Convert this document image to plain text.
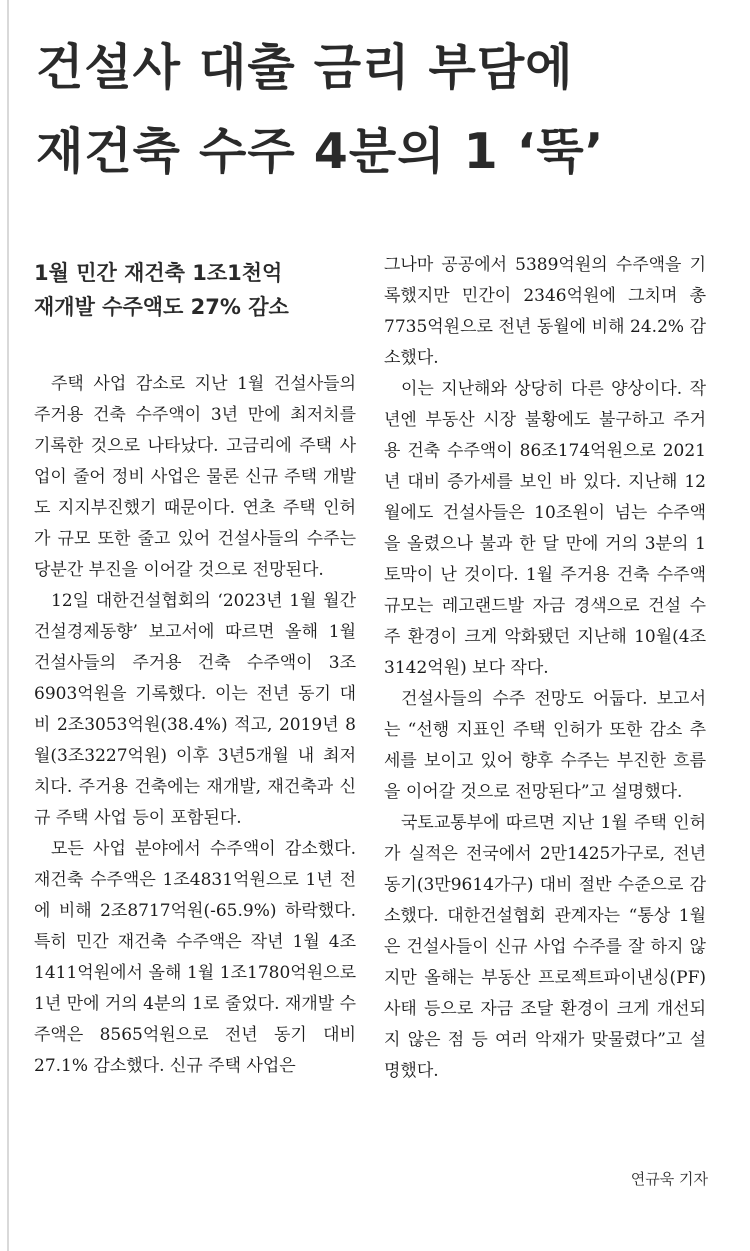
건설사 대출 금리 부담에
재건축 수주 4분의 1 ‘뚝’
1월 민간 재건축 1조1천억
재개발 수주액도 27% 감소

주택 사업 감소로 지난 1월 건설사들의 주거용 건축 수주액이 3년 만에 최저치를 기록한 것으로 나타났다. 고금리에 주택 사업이 줄어 정비 사업은 물론 신규 주택 개발도 지지부진했기 때문이다. 연초 주택 인허가 규모 또한 줄고 있어 건설사들의 수주는 당분간 부진을 이어갈 것으로 전망된다.

12일 대한건설협회의 ‘2023년 1월 월간건설경제동향’ 보고서에 따르면 올해 1월 건설사들의 주거용 건축 수주액이 3조6903억원을 기록했다. 이는 전년 동기 대비 2조3053억원(38.4%) 적고, 2019년 8월(3조3227억원) 이후 3년5개월 내 최저치다. 주거용 건축에는 재개발, 재건축과 신규 주택 사업 등이 포함된다.

모든 사업 분야에서 수주액이 감소했다. 재건축 수주액은 1조4831억원으로 1년 전에 비해 2조8717억원(-65.9%) 하락했다. 특히 민간 재건축 수주액은 작년 1월 4조1411억원에서 올해 1월 1조1780억원으로 1년 만에 거의 4분의 1로 줄었다. 재개발 수주액은 8565억원으로 전년 동기 대비 27.1% 감소했다. 신규 주택 사업은

그나마 공공에서 5389억원의 수주액을 기록했지만 민간이 2346억원에 그치며 총 7735억원으로 전년 동월에 비해 24.2% 감소했다.

이는 지난해와 상당히 다른 양상이다. 작년엔 부동산 시장 불황에도 불구하고 주거용 건축 수주액이 86조174억원으로 2021년 대비 증가세를 보인 바 있다. 지난해 12월에도 건설사들은 10조원이 넘는 수주액을 올렸으나 불과 한 달 만에 거의 3분의 1 토막이 난 것이다. 1월 주거용 건축 수주액 규모는 레고랜드발 자금 경색으로 건설 수주 환경이 크게 악화됐던 지난해 10월(4조3142억원) 보다 작다.

건설사들의 수주 전망도 어둡다. 보고서는 “선행 지표인 주택 인허가 또한 감소 추세를 보이고 있어 향후 수주는 부진한 흐름을 이어갈 것으로 전망된다”고 설명했다.

국토교통부에 따르면 지난 1월 주택 인허가 실적은 전국에서 2만1425가구로, 전년 동기(3만9614가구) 대비 절반 수준으로 감소했다. 대한건설협회 관계자는 “통상 1월은 건설사들이 신규 사업 수주를 잘 하지 않지만 올해는 부동산 프로젝트파이낸싱(PF) 사태 등으로 자금 조달 환경이 크게 개선되지 않은 점 등 여러 악재가 맞물렸다”고 설명했다.

연규욱 기자
